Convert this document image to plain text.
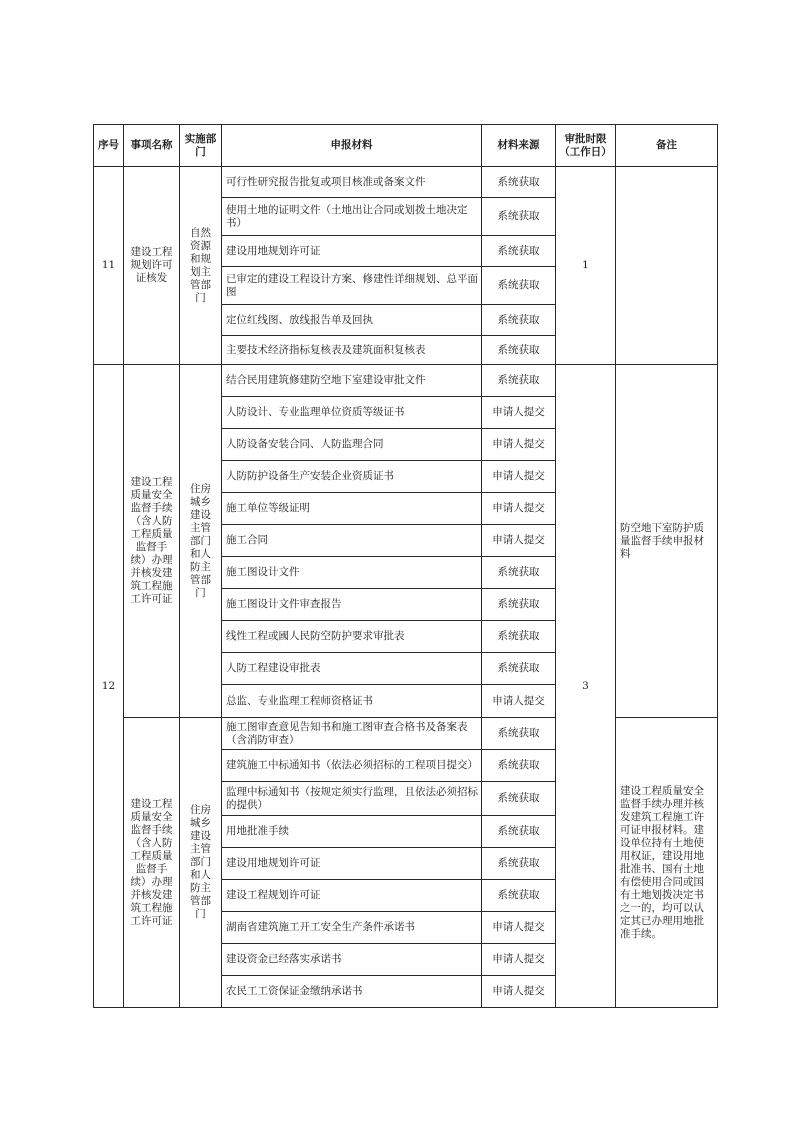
序号	事项名称	实施部门	申报材料	材料来源	审批时限（工作日）	备注
11	建设工程规划许可证核发	自然资源和规划主管部门	可行性研究报告批复或项目核准或备案文件	系统获取	1	
			使用土地的证明文件（土地出让合同或划拨土地决定书）	系统获取		
			建设用地规划许可证	系统获取		
			已审定的建设工程设计方案、修建性详细规划、总平面图	系统获取		
			定位红线图、放线报告单及回执	系统获取		
			主要技术经济指标复核表及建筑面积复核表	系统获取		
12	建设工程质量安全监督手续（含人防工程质量监督手续）办理并核发建筑工程施工许可证	住房城乡建设主管部门和人防主管部门	结合民用建筑修建防空地下室建设审批文件	系统获取	3	防空地下室防护质量监督手续申报材料
			人防设计、专业监理单位资质等级证书	申请人提交		
			人防设备安装合同、人防监理合同	申请人提交		
			人防防护设备生产安装企业资质证书	申请人提交		
			施工单位等级证明	申请人提交		
			施工合同	申请人提交		
			施工图设计文件	系统获取		
			施工图设计文件审查报告	系统获取		
			线性工程或國人民防空防护要求审批表	系统获取		
			人防工程建设审批表	系统获取		
			总监、专业监理工程师资格证书	申请人提交		
	建设工程质量安全监督手续（含人防工程质量监督手续）办理并核发建筑工程施工许可证	住房城乡建设主管部门和人防主管部门	施工图审查意见告知书和施工图审查合格书及备案表（含消防审查）	系统获取		建设工程质量安全监督手续办理并核发建筑工程施工许可证申报材料。建设单位持有土地使用权证，建设用地批准书、国有土地有偿使用合同或国有土地划拨决定书之一的，均可以认定其已办理用地批准手续。
			建筑施工中标通知书（依法必须招标的工程项目提交）	系统获取		
			监理中标通知书（按规定须实行监理，且依法必须招标的提供）	系统获取		
			用地批准手续	系统获取		
			建设用地规划许可证	系统获取		
			建设工程规划许可证	系统获取		
			湖南省建筑施工开工安全生产条件承诺书	申请人提交		
			建设资金已经落实承诺书	申请人提交		
			农民工工资保证金缴纳承诺书	申请人提交		
